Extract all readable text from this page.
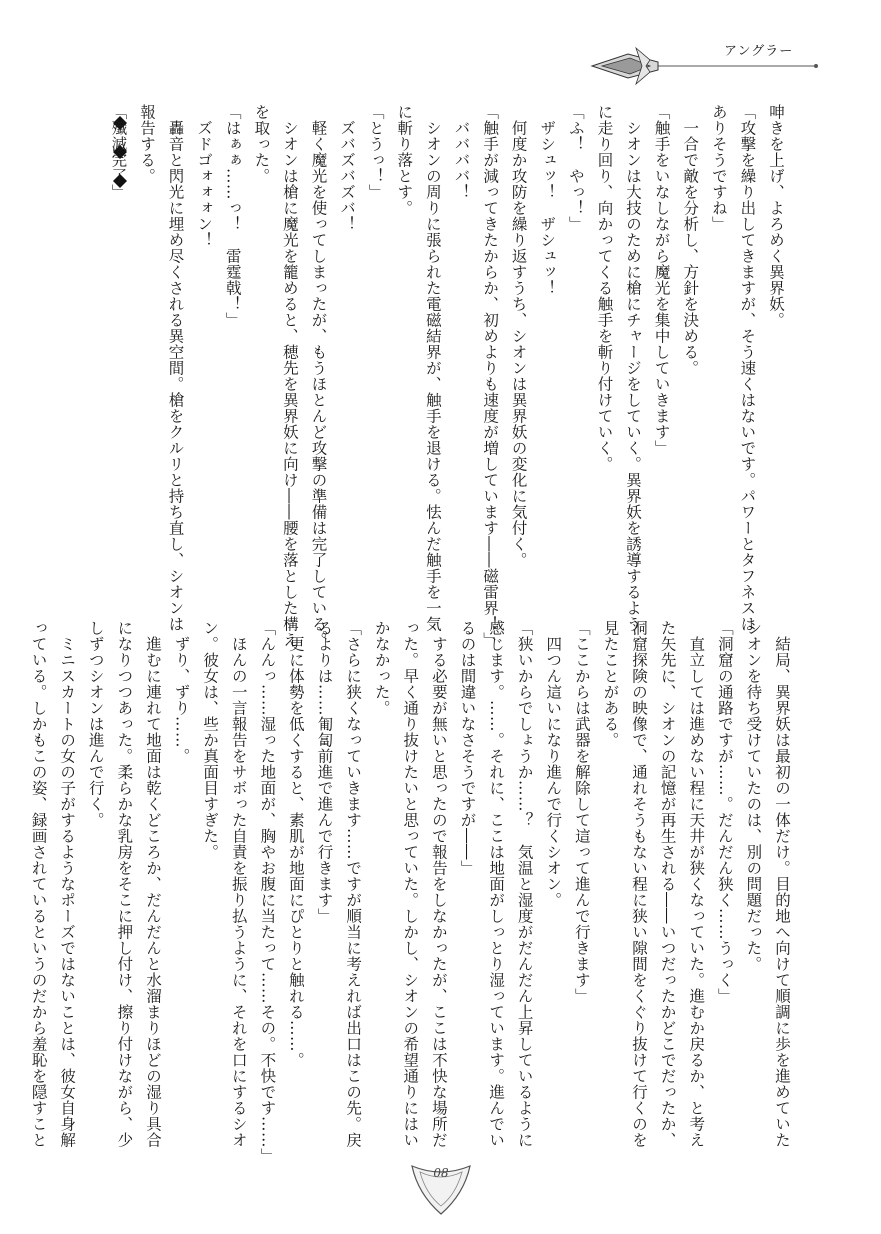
アングラー

呻きを上げ、よろめく異界妖。

「攻撃を繰り出してきますが、そう速くはないです。パワーとタフネスは

ありそうですね」

　一合で敵を分析し、方針を決める。

「触手をいなしながら魔光を集中していきます」

　シオンは大技のために槍にチャージをしていく。異界妖を誘導するよう

に走り回り、向かってくる触手を斬り付けていく。

「ふ！　やっ！」

　ザシュッ！　ザシュッ！

　何度か攻防を繰り返すうち、シオンは異界妖の変化に気付く。

「触手が減ってきたからか、初めよりも速度が増しています――磁雷界！」

　ババババ！

　シオンの周りに張られた電磁結界が、触手を退ける。怯んだ触手を一気

に斬り落とす。

「とうっ！」

　ズバズバズバ！

　軽く魔光を使ってしまったが、もうほとんど攻撃の準備は完了している。

　シオンは槍に魔光を籠めると、穂先を異界妖に向け――腰を落とした構え

を取った。

「はぁぁ……っ！　雷霆戟！」

　ズドゴォォォン！

　轟音と閃光に埋め尽くされる異空間。槍をクルリと持ち直し、シオンは

報告する。

「殲滅完了」

　結局、異界妖は最初の一体だけ。目的地へ向けて順調に歩を進めていた

シオンを待ち受けていたのは、別の問題だった。

「洞窟の通路ですが……。だんだん狭く……うっく」

　直立しては進めない程に天井が狭くなっていた。進むか戻るか、と考え

た矢先に、シオンの記憶が再生される――いつだったかどこでだったか、

洞窟探険の映像で、通れそうもない程に狭い隙間をくぐり抜けて行くのを

見たことがある。

「ここからは武器を解除して這って進んで行きます」

　四つん這いになり進んで行くシオン。

「狭いからでしょうか……？　気温と湿度がだんだん上昇しているように

感じます。……。それに、ここは地面がしっとり湿っています。進んでい

るのは間違いなさそうですが――」

　する必要が無いと思ったので報告をしなかったが、ここは不快な場所だ

った。早く通り抜けたいと思っていた。しかし、シオンの希望通りにはい

かなかった。

「さらに狭くなっていきます……ですが順当に考えれば出口はこの先。戻

るよりは……匍匐前進で進んで行きます」

　更に体勢を低くすると、素肌が地面にぴとりと触れる……。

「んんっ……湿った地面が、胸やお腹に当たって……その。不快です……」

　ほんの一言報告をサボった自責を振り払うように、それを口にするシオ

ン。彼女は、些か真面目すぎた。

　ずり、ずり……。

　進むに連れて地面は乾くどころか、だんだんと水溜まりほどの湿り具合

になりつつあった。柔らかな乳房をそこに押し付け、擦り付けながら、少

しずつシオンは進んで行く。

　ミニスカートの女の子がするようなポーズではないことは、彼女自身解

っている。しかもこの姿、録画されているというのだから羞恥を隠すこと

08
